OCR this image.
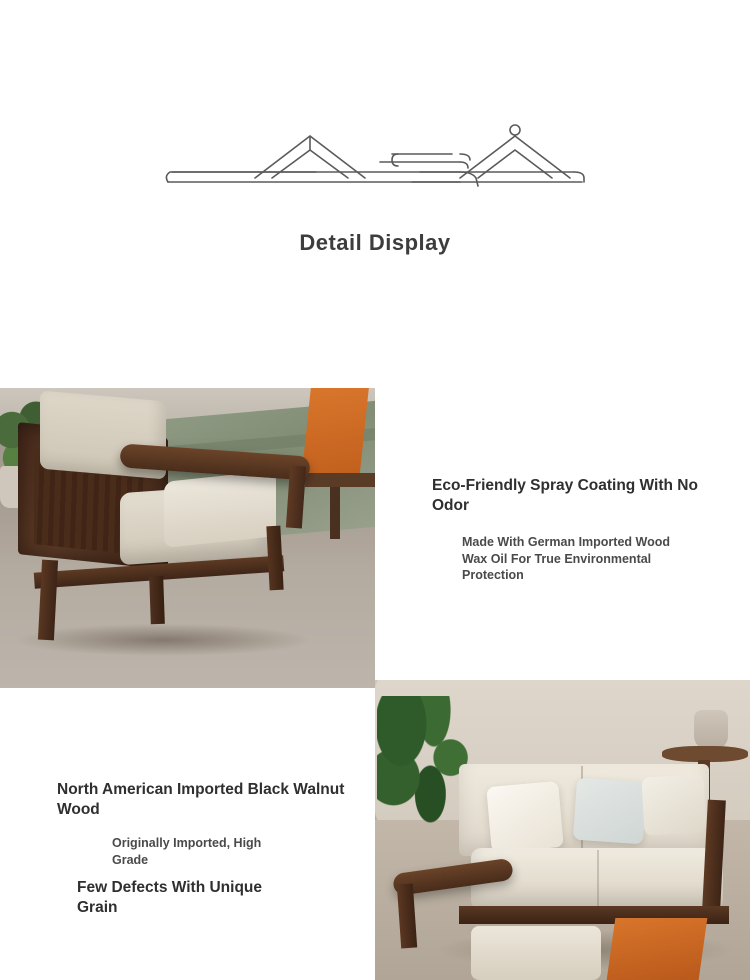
Detail Display
Eco-Friendly Spray Coating With No Odor
Made With German Imported Wood Wax Oil For True Environmental Protection
North American Imported Black Walnut Wood
Originally Imported, High Grade
Few Defects With Unique Grain
